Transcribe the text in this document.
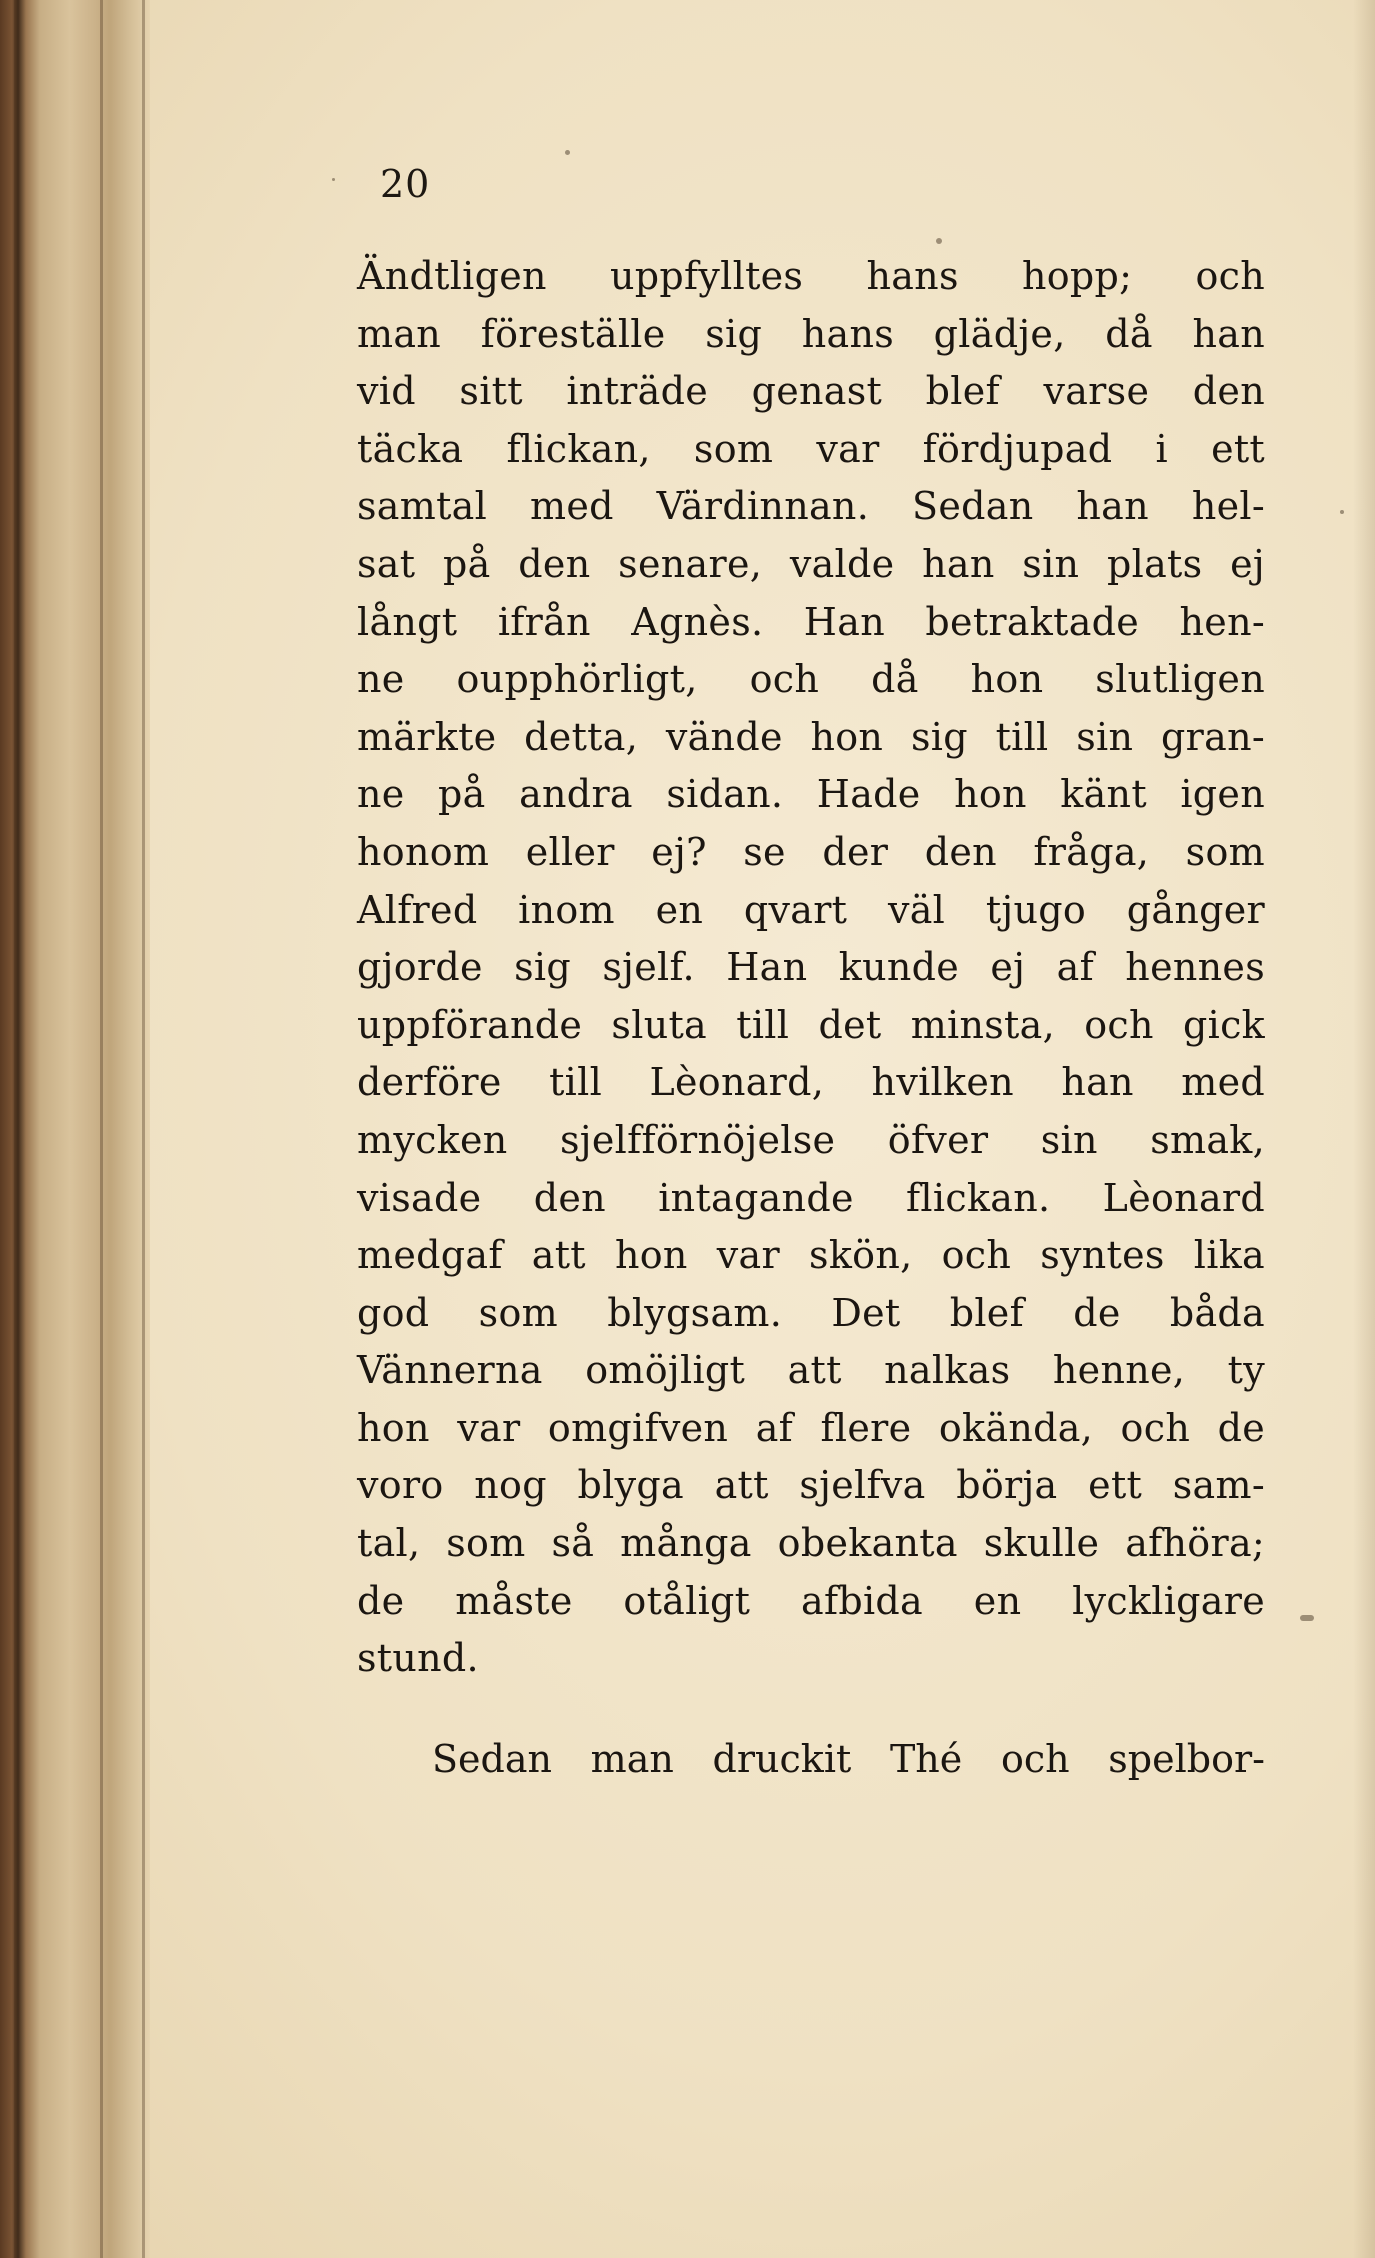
20
Ändtligen uppfylltes hans hopp; och
man föreställe sig hans glädje, då han
vid sitt inträde genast blef varse den
täcka flickan, som var fördjupad i ett
samtal med Värdinnan. Sedan han hel-
sat på den senare, valde han sin plats ej
långt ifrån Agnès. Han betraktade hen-
ne oupphörligt, och då hon slutligen
märkte detta, vände hon sig till sin gran-
ne på andra sidan. Hade hon känt igen
honom eller ej? se der den fråga, som
Alfred inom en qvart väl tjugo gånger
gjorde sig sjelf. Han kunde ej af hennes
uppförande sluta till det minsta, och gick
derföre till Lèonard, hvilken han med
mycken sjelfförnöjelse öfver sin smak,
visade den intagande flickan. Lèonard
medgaf att hon var skön, och syntes lika
god som blygsam. Det blef de båda
Vännerna omöjligt att nalkas henne, ty
hon var omgifven af flere okända, och de
voro nog blyga att sjelfva börja ett sam-
tal, som så många obekanta skulle afhöra;
de måste otåligt afbida en lyckligare
stund.
Sedan man druckit Thé och spelbor-
